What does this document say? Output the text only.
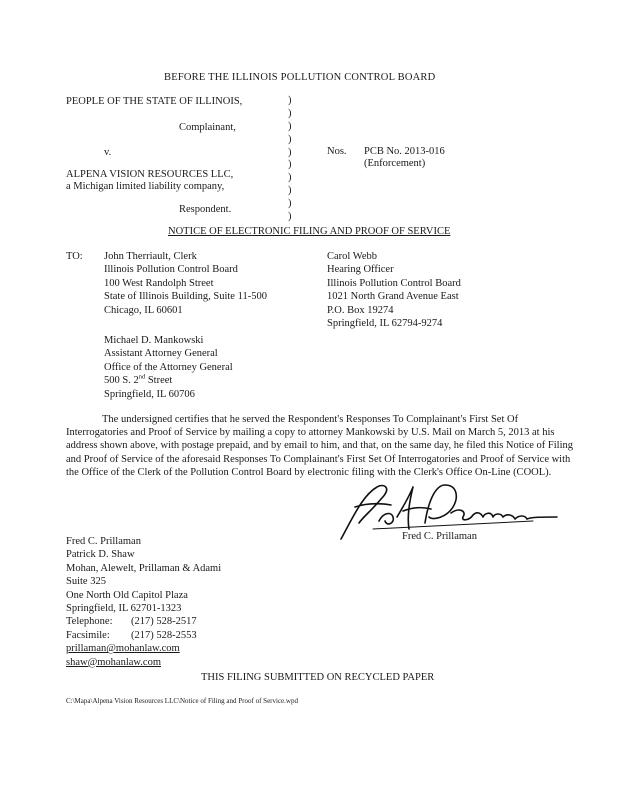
BEFORE THE ILLINOIS POLLUTION CONTROL BOARD
PEOPLE OF THE STATE OF ILLINOIS,
Complainant,
v.
ALPENA VISION RESOURCES LLC,
a Michigan limited liability company,
Respondent.
)
)
)
)
)
)
)
)
)
)
Nos. PCB No. 2013-016
(Enforcement)
NOTICE OF ELECTRONIC FILING AND PROOF OF SERVICE
TO: John Therriault, Clerk
Illinois Pollution Control Board
100 West Randolph Street
State of Illinois Building, Suite 11-500
Chicago, IL 60601
Carol Webb
Hearing Officer
Illinois Pollution Control Board
1021 North Grand Avenue East
P.O. Box 19274
Springfield, IL 62794-9274
Michael D. Mankowski
Assistant Attorney General
Office of the Attorney General
500 S. 2nd Street
Springfield, IL 60706
The undersigned certifies that he served the Respondent's Responses To Complainant's First Set Of Interrogatories and Proof of Service by mailing a copy to attorney Mankowski by U.S. Mail on March 5, 2013 at his address shown above, with postage prepaid, and by email to him, and that, on the same day, he filed this Notice of Filing and Proof of Service of the aforesaid Responses To Complainant's First Set Of Interrogatories and Proof of Service with the Office of the Clerk of the Pollution Control Board by electronic filing with the Clerk's Office On-Line (COOL).
Fred C. Prillaman
Fred C. Prillaman
Patrick D. Shaw
Mohan, Alewelt, Prillaman & Adami
Suite 325
One North Old Capitol Plaza
Springfield, IL 62701-1323
Telephone: (217) 528-2517
Facsimile: (217) 528-2553
prillaman@mohanlaw.com
shaw@mohanlaw.com
THIS FILING SUBMITTED ON RECYCLED PAPER
C:\Mapa\Alpena Vision Resources LLC\Notice of Filing and Proof of Service.wpd
